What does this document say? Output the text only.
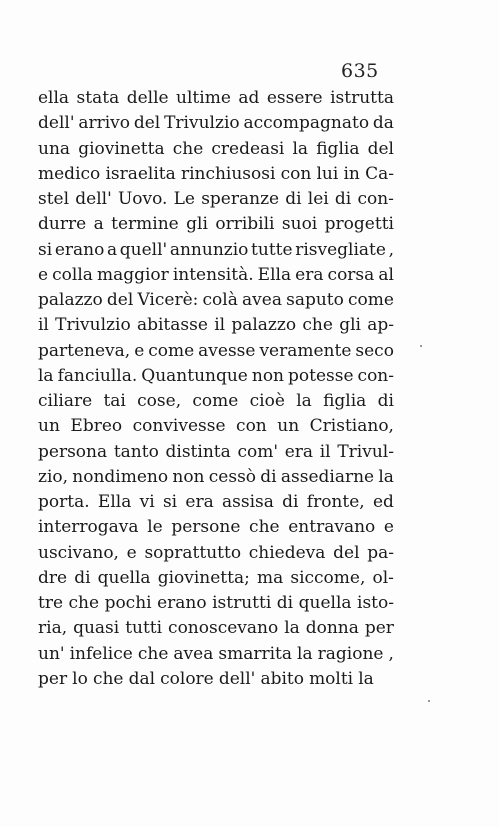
635
ella stata delle ultime ad essere istrutta
dell' arrivo del Trivulzio accompagnato da
una giovinetta che credeasi la figlia del
medico israelita rinchiusosi con lui in Ca-
stel dell' Uovo. Le speranze di lei di con-
durre a termine gli orribili suoi progetti
si erano a quell' annunzio tutte risvegliate ,
e colla maggior intensità. Ella era corsa al
palazzo del Vicerè: colà avea saputo come
il Trivulzio abitasse il palazzo che gli ap-
parteneva, e come avesse veramente seco
la fanciulla. Quantunque non potesse con-
ciliare tai cose, come cioè la figlia di
un Ebreo convivesse con un Cristiano,
persona tanto distinta com' era il Trivul-
zio, nondimeno non cessò di assediarne la
porta. Ella vi si era assisa di fronte, ed
interrogava le persone che entravano e
uscivano, e soprattutto chiedeva del pa-
dre di quella giovinetta; ma siccome, ol-
tre che pochi erano istrutti di quella isto-
ria, quasi tutti conoscevano la donna per
un' infelice che avea smarrita la ragione ,
per lo che dal colore dell' abito molti la
